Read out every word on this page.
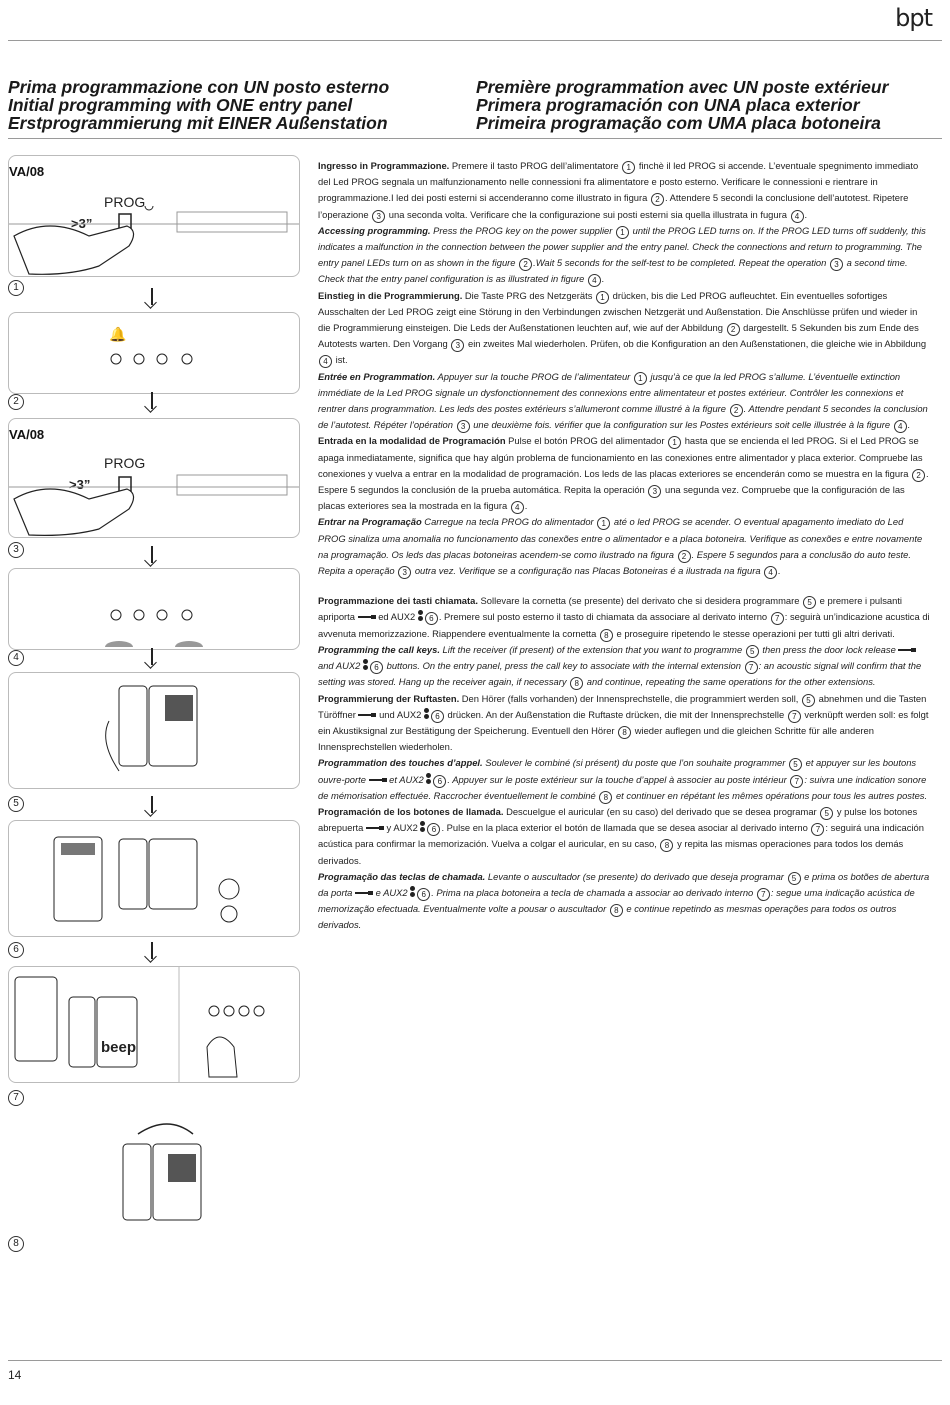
bpt
Prima programmazione con UN posto esterno
Initial programming with ONE entry panel
Erstprogrammierung mit EINER Außenstation
Première programmation avec UN poste extérieur
Primera programación con UNA placa exterior
Primeira programação com UMA placa botoneira
VA/08
PROG
>3”
1
🔔
2
VA/08
PROG
>3”
3
4
5
6
beep
7
8

Ingresso in Programmazione. Premere il tasto PROG dell’alimentatore 1 finchè il led PROG si accende. L’eventuale spegnimento immediato del Led PROG segnala un malfunzionamento nelle connessioni fra alimentatore e posto esterno. Verificare le connessioni e rientrare in programmazione.I led dei posti esterni si accenderanno come illustrato in figura 2 . Attendere 5 secondi la conclusione dell’autotest. Ripetere l’operazione 3 una seconda volta. Verificare che la configurazione sui posti esterni sia quella illustrata in fugura 4 .

Accessing programming. Press the PROG key on the power supplier 1 until the PROG LED turns on. If the PROG LED turns off suddenly, this indicates a malfunction in the connection between the power supplier and the entry panel. Check the connections and return to programming. The entry panel LEDs turn on as shown in the figure 2 .Wait 5 seconds for the self-test to be completed. Repeat the operation 3 a second time. Check that the entry panel configuration is as illustrated in figure 4 .

Einstieg in die Programmierung. Die Taste PRG des Netzgeräts 1 drücken, bis die Led PROG aufleuchtet. Ein eventuelles sofortiges Ausschalten der Led PROG zeigt eine Störung in den Verbindungen zwischen Netzgerät und Außenstation. Die Anschlüsse prüfen und wieder in die Programmierung einsteigen. Die Leds der Außenstationen leuchten auf, wie auf der Abbildung 2 dargestellt. 5 Sekunden bis zum Ende des Autotests warten. Den Vorgang 3 ein zweites Mal wiederholen. Prüfen, ob die Konfiguration an den Außenstationen, die gleiche wie in Abbildung 4 ist.

Entrée en Programmation. Appuyer sur la touche PROG de l’alimentateur 1 jusqu’à ce que la led PROG s’allume. L’éventuelle extinction immédiate de la Led PROG signale un dysfonctionnement des connexions entre alimentateur et postes extérieur. Contrôler les connexions et rentrer dans programmation. Les leds des postes extérieurs s’allumeront comme illustré à la figure 2 . Attendre pendant 5 secondes la conclusion de l’autotest. Répéter l’opération 3 une deuxième fois. vérifier que la configuration sur les Postes extérieurs soit celle illustrée à la figure 4 .

Entrada en la modalidad de Programación Pulse el botón PROG del alimentador 1 hasta que se encienda el led PROG. Si el Led PROG se apaga inmediatamente, significa que hay algún problema de funcionamiento en las conexiones entre alimentador y placa exterior. Compruebe las conexiones y vuelva a entrar en la modalidad de programación. Los leds de las placas exteriores se encenderán como se muestra en la figura 2 . Espere 5 segundos la conclusión de la prueba automática. Repita la operación 3 una segunda vez. Compruebe que la configuración de las placas exteriores sea la mostrada en la figura 4 .

Entrar na Programação Carregue na tecla PROG do alimentador 1 até o led PROG se acender. O eventual apagamento imediato do Led PROG sinaliza uma anomalia no funcionamento das conexões entre o alimentador e a placa botoneira. Verifique as conexões e entre novamente na programação. Os leds das placas botoneiras acendem-se como ilustrado na figura 2 . Espere 5 segundos para a conclusão do auto teste. Repita a operação 3 outra vez. Verifique se a configuração nas Placas Botoneiras é a ilustrada na figura 4 .

Programmazione dei tasti chiamata. Sollevare la cornetta (se presente) del derivato che si desidera programmare 5 e premere i pulsanti apriporta  ed AUX2
6 . Premere sul posto esterno il tasto di chiamata da associare al derivato interno 7 : seguirà un’indicazione acustica di avvenuta memorizzazione. Riappendere eventualmente la cornetta 8 e proseguire ripetendo le stesse operazioni per tutti gli altri derivati.

Programming the call keys. Lift the receiver (if present) of the extension that you want to programme 5 then press the door lock release  and AUX2
6 buttons. On the entry panel, press the call key to associate with the internal extension 7 : an acoustic signal will confirm that the setting was stored. Hang up the receiver again, if necessary 8 and continue, repeating the same operations for the other extensions.

Programmierung der Ruftasten. Den Hörer (falls vorhanden) der Innensprechstelle, die programmiert werden soll, 5 abnehmen und die Tasten Türöffner  und AUX2
6 drücken. An der Außenstation die Ruftaste drücken, die mit der Innensprechstelle 7 verknüpft werden soll: es folgt ein Akustiksignal zur Bestätigung der Speicherung. Eventuell den Hörer 8 wieder auflegen und die gleichen Schritte für alle anderen Innensprechstellen wiederholen.

Programmation des touches d’appel. Soulever le combiné (si présent) du poste que l’on souhaite programmer 5 et appuyer sur les boutons ouvre-porte  et AUX2
6 . Appuyer sur le poste extérieur sur la touche d’appel à associer au poste intérieur 7 : suivra une indication sonore de mémorisation effectuée. Raccrocher éventuellement le combiné 8 et continuer en répétant les mêmes opérations pour tous les autres postes.

Programación de los botones de llamada. Descuelgue el auricular (en su caso) del derivado que se desea programar 5 y pulse los botones abrepuerta  y AUX2
6 . Pulse en la placa exterior el botón de llamada que se desea asociar al derivado interno 7 : seguirá una indicación acústica para confirmar la memorización. Vuelva a colgar el auricular, en su caso, 8 y repita las mismas operaciones para todos los demás derivados.

Programação das teclas de chamada. Levante o auscultador (se presente) do derivado que deseja programar 5 e prima os botões de abertura da porta  e AUX2
6 . Prima na placa botoneira a tecla de chamada a associar ao derivado interno 7 : segue uma indicação acústica de memorização efectuada. Eventualmente volte a pousar o auscultador 8 e continue repetindo as mesmas operações para todos os outros derivados.

14
